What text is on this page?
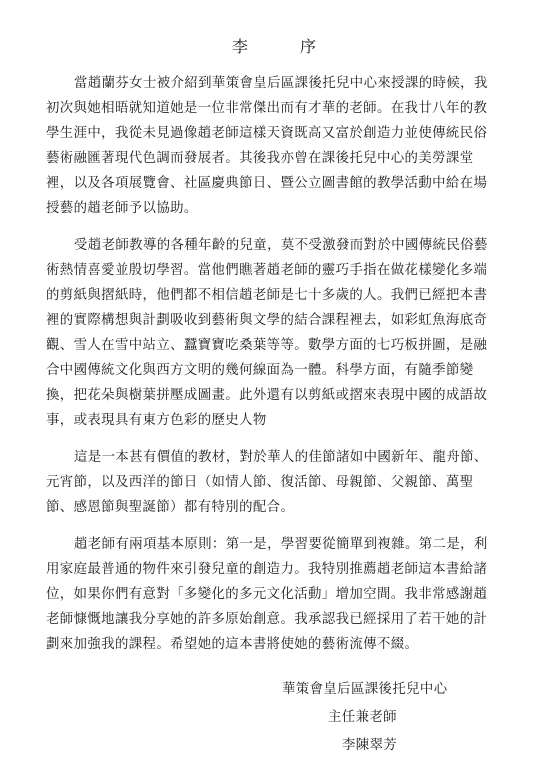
李　序
當趙蘭芬女士被介紹到華策會皇后區課後托兒中心來授課的時候，我
初次與她相晤就知道她是一位非常傑出而有才華的老師。在我廿八年的教
學生涯中，我從未見過像趙老師這樣天資既高又富於創造力並使傳統民俗
藝術融匯著現代色調而發展者。其後我亦曾在課後托兒中心的美勞課堂
裡，以及各項展覽會、社區慶典節日、暨公立圖書館的教學活動中給在場
授藝的趙老師予以協助。
受趙老師教導的各種年齡的兒童，莫不受激發而對於中國傳統民俗藝
術熱情喜愛並殷切學習。當他們瞧著趙老師的靈巧手指在做花樣變化多端
的剪紙與摺紙時，他們都不相信趙老師是七十多歲的人。我們已經把本書
裡的實際構想與計劃吸收到藝術與文學的結合課程裡去，如彩虹魚海底奇
觀、雪人在雪中站立、蠶寶寶吃桑葉等等。數學方面的七巧板拼圖，是融
合中國傳統文化與西方文明的幾何線面為一體。科學方面，有隨季節變
換，把花朵與樹葉拼壓成圖畫。此外還有以剪紙或摺來表現中國的成語故
事，或表現具有東方色彩的歷史人物
這是一本甚有價值的教材，對於華人的佳節諸如中國新年、龍舟節、
元宵節，以及西洋的節日（如情人節、復活節、母親節、父親節、萬聖
節、感恩節與聖誕節）都有特別的配合。
趙老師有兩項基本原則：第一是，學習要從簡單到複雜。第二是，利
用家庭最普通的物件來引發兒童的創造力。我特別推薦趙老師這本書給諸
位，如果你們有意對「多變化的多元文化活動」增加空間。我非常感謝趙
老師慷慨地讓我分享她的許多原始創意。我承認我已經採用了若干她的計
劃來加強我的課程。希望她的這本書將使她的藝術流傳不綴。
華策會皇后區課後托兒中心
主任兼老師
李陳翠芳
